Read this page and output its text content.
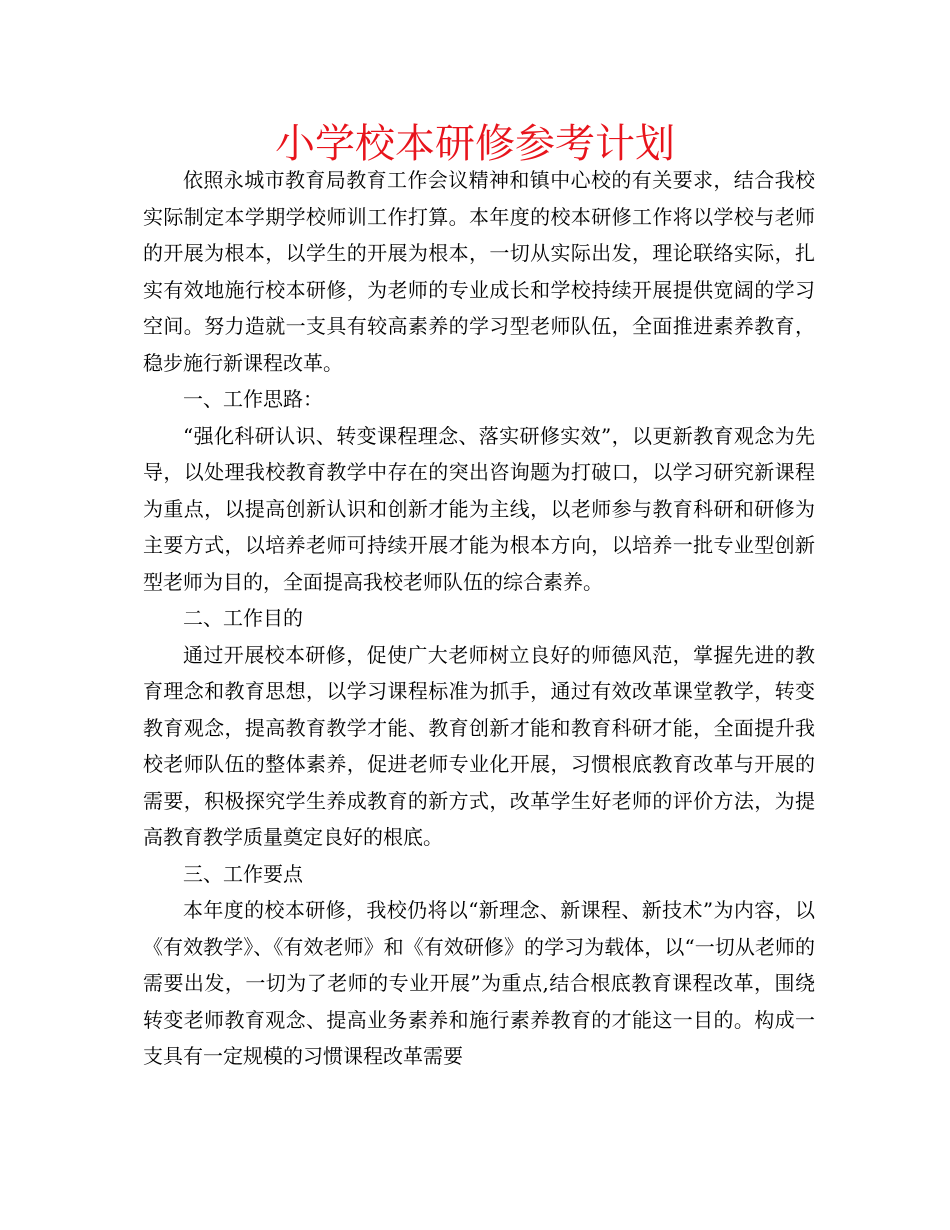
小学校本研修参考计划

依照永城市教育局教育工作会议精神和镇中心校的有关要求，结合我校实际制定本学期学校师训工作打算。本年度的校本研修工作将以学校与老师的开展为根本，以学生的开展为根本，一切从实际出发，理论联络实际，扎实有效地施行校本研修，为老师的专业成长和学校持续开展提供宽阔的学习空间。努力造就一支具有较高素养的学习型老师队伍，全面推进素养教育，稳步施行新课程改革。

一、工作思路：

“强化科研认识、转变课程理念、落实研修实效”，以更新教育观念为先导，以处理我校教育教学中存在的突出咨询题为打破口，以学习研究新课程为重点，以提高创新认识和创新才能为主线，以老师参与教育科研和研修为主要方式，以培养老师可持续开展才能为根本方向，以培养一批专业型创新型老师为目的，全面提高我校老师队伍的综合素养。

二、工作目的

通过开展校本研修，促使广大老师树立良好的师德风范，掌握先进的教育理念和教育思想，以学习课程标准为抓手，通过有效改革课堂教学，转变教育观念，提高教育教学才能、教育创新才能和教育科研才能，全面提升我校老师队伍的整体素养，促进老师专业化开展，习惯根底教育改革与开展的需要，积极探究学生养成教育的新方式，改革学生好老师的评价方法，为提高教育教学质量奠定良好的根底。

三、工作要点

本年度的校本研修，我校仍将以“新理念、新课程、新技术”为内容，以《有效教学》、《有效老师》和《有效研修》的学习为载体，以“一切从老师的需要出发，一切为了老师的专业开展”为重点,结合根底教育课程改革，围绕转变老师教育观念、提高业务素养和施行素养教育的才能这一目的。构成一支具有一定规模的习惯课程改革需要
